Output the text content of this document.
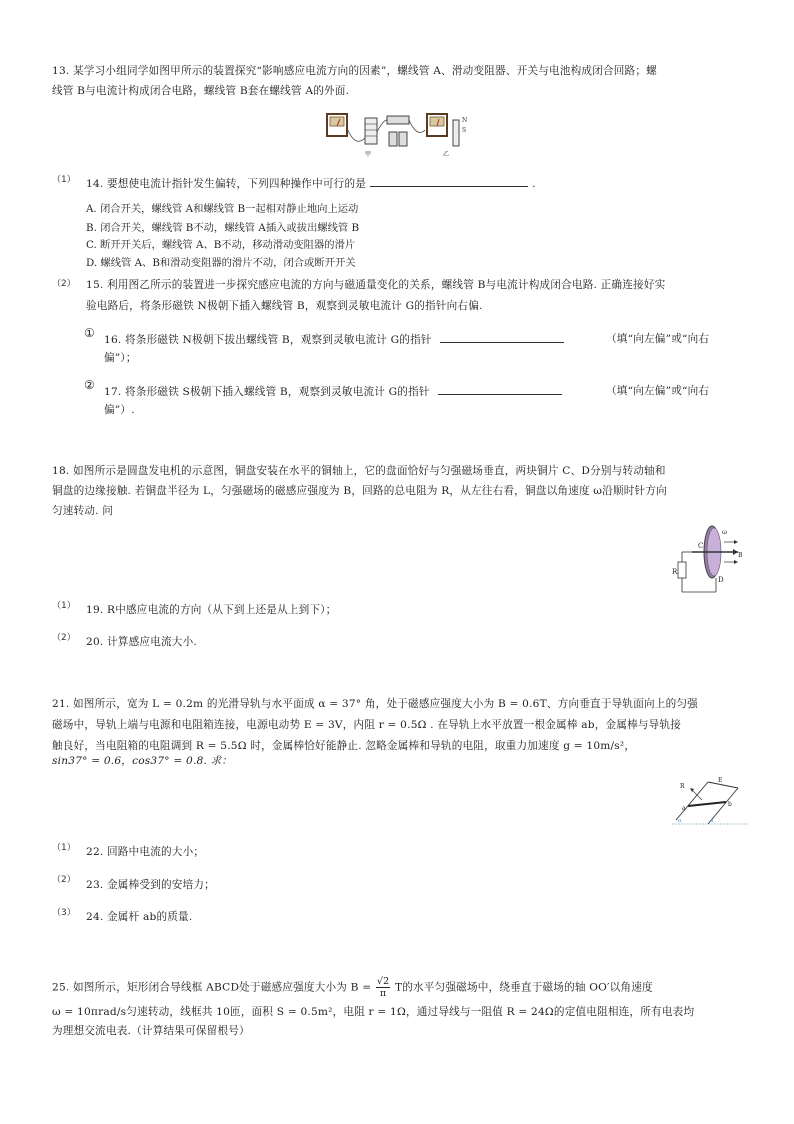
13. 某学习小组同学如图甲所示的装置探究“影响感应电流方向的因素”，螺线管 A、滑动变阻器、开关与电池构成闭合回路；螺
线管 B与电流计构成闭合电路，螺线管 B套在螺线管 A的外面.
N
S
乙
甲
（1） 14. 要想使电流计指针发生偏转，下列四种操作中可行的是	.
A. 闭合开关，螺线管 A和螺线管 B一起相对静止地向上运动
B. 闭合开关，螺线管 B不动，螺线管 A插入或拔出螺线管 B
C. 断开开关后，螺线管 A、B不动，移动滑动变阻器的滑片
D. 螺线管 A、B和滑动变阻器的滑片不动，闭合或断开开关
（2） 15. 利用图乙所示的装置进一步探究感应电流的方向与磁通量变化的关系，螺线管 B与电流计构成闭合电路. 正确连接好实
验电路后，将条形磁铁 N极朝下插入螺线管 B，观察到灵敏电流计 G的指针向右偏.
① 16. 将条形磁铁 N极朝下拔出螺线管 B，观察到灵敏电流计 G的指针	（填“向左偏”或“向右
偏”）；
② 17. 将条形磁铁 S极朝下插入螺线管 B，观察到灵敏电流计 G的指针	（填“向左偏”或“向右
偏”）.
18. 如图所示是圆盘发电机的示意图，铜盘安装在水平的铜轴上，它的盘面恰好与匀强磁场垂直，两块铜片 C、D分别与转动轴和
铜盘的边缘接触. 若铜盘半径为 L，匀强磁场的磁感应强度为 B，回路的总电阻为 R，从左往右看，铜盘以角速度 ω沿顺时针方向
匀速转动. 问
C
ω
B
R
D
（1） 19. R中感应电流的方向（从下到上还是从上到下）；
（2） 20. 计算感应电流大小.
21. 如图所示，宽为 L = 0.2m 的光滑导轨与水平面成 α = 37° 角，处于磁感应强度大小为 B = 0.6T、方向垂直于导轨面向上的匀强
磁场中，导轨上端与电源和电阻箱连接，电源电动势 E = 3V，内阻 r = 0.5Ω . 在导轨上水平放置一根金属棒 ab，金属棒与导轨接
触良好，当电阻箱的电阻调到 R = 5.5Ω 时，金属棒恰好能静止. 忽略金属棒和导轨的电阻，取重力加速度 g = 10m/s²，
sin37° = 0.6，cos37° = 0.8. 求：
R
E
a
b
α	α
（1） 22. 回路中电流的大小；
（2） 23. 金属棒受到的安培力；
（3） 24. 金属杆 ab的质量.
25. 如图所示，矩形闭合导线框 ABCD处于磁感应强度大小为 $B = \frac{√2}{\pi}$ T的水平匀强磁场中，绕垂直于磁场的轴 OO′以角速度
ω = 10πrad/s匀速转动，线框共 10匝，面积 S = 0.5m²，电阻 r = 1Ω，通过导线与一阻值 R = 24Ω的定值电阻相连，所有电表均
为理想交流电表.（计算结果可保留根号）
